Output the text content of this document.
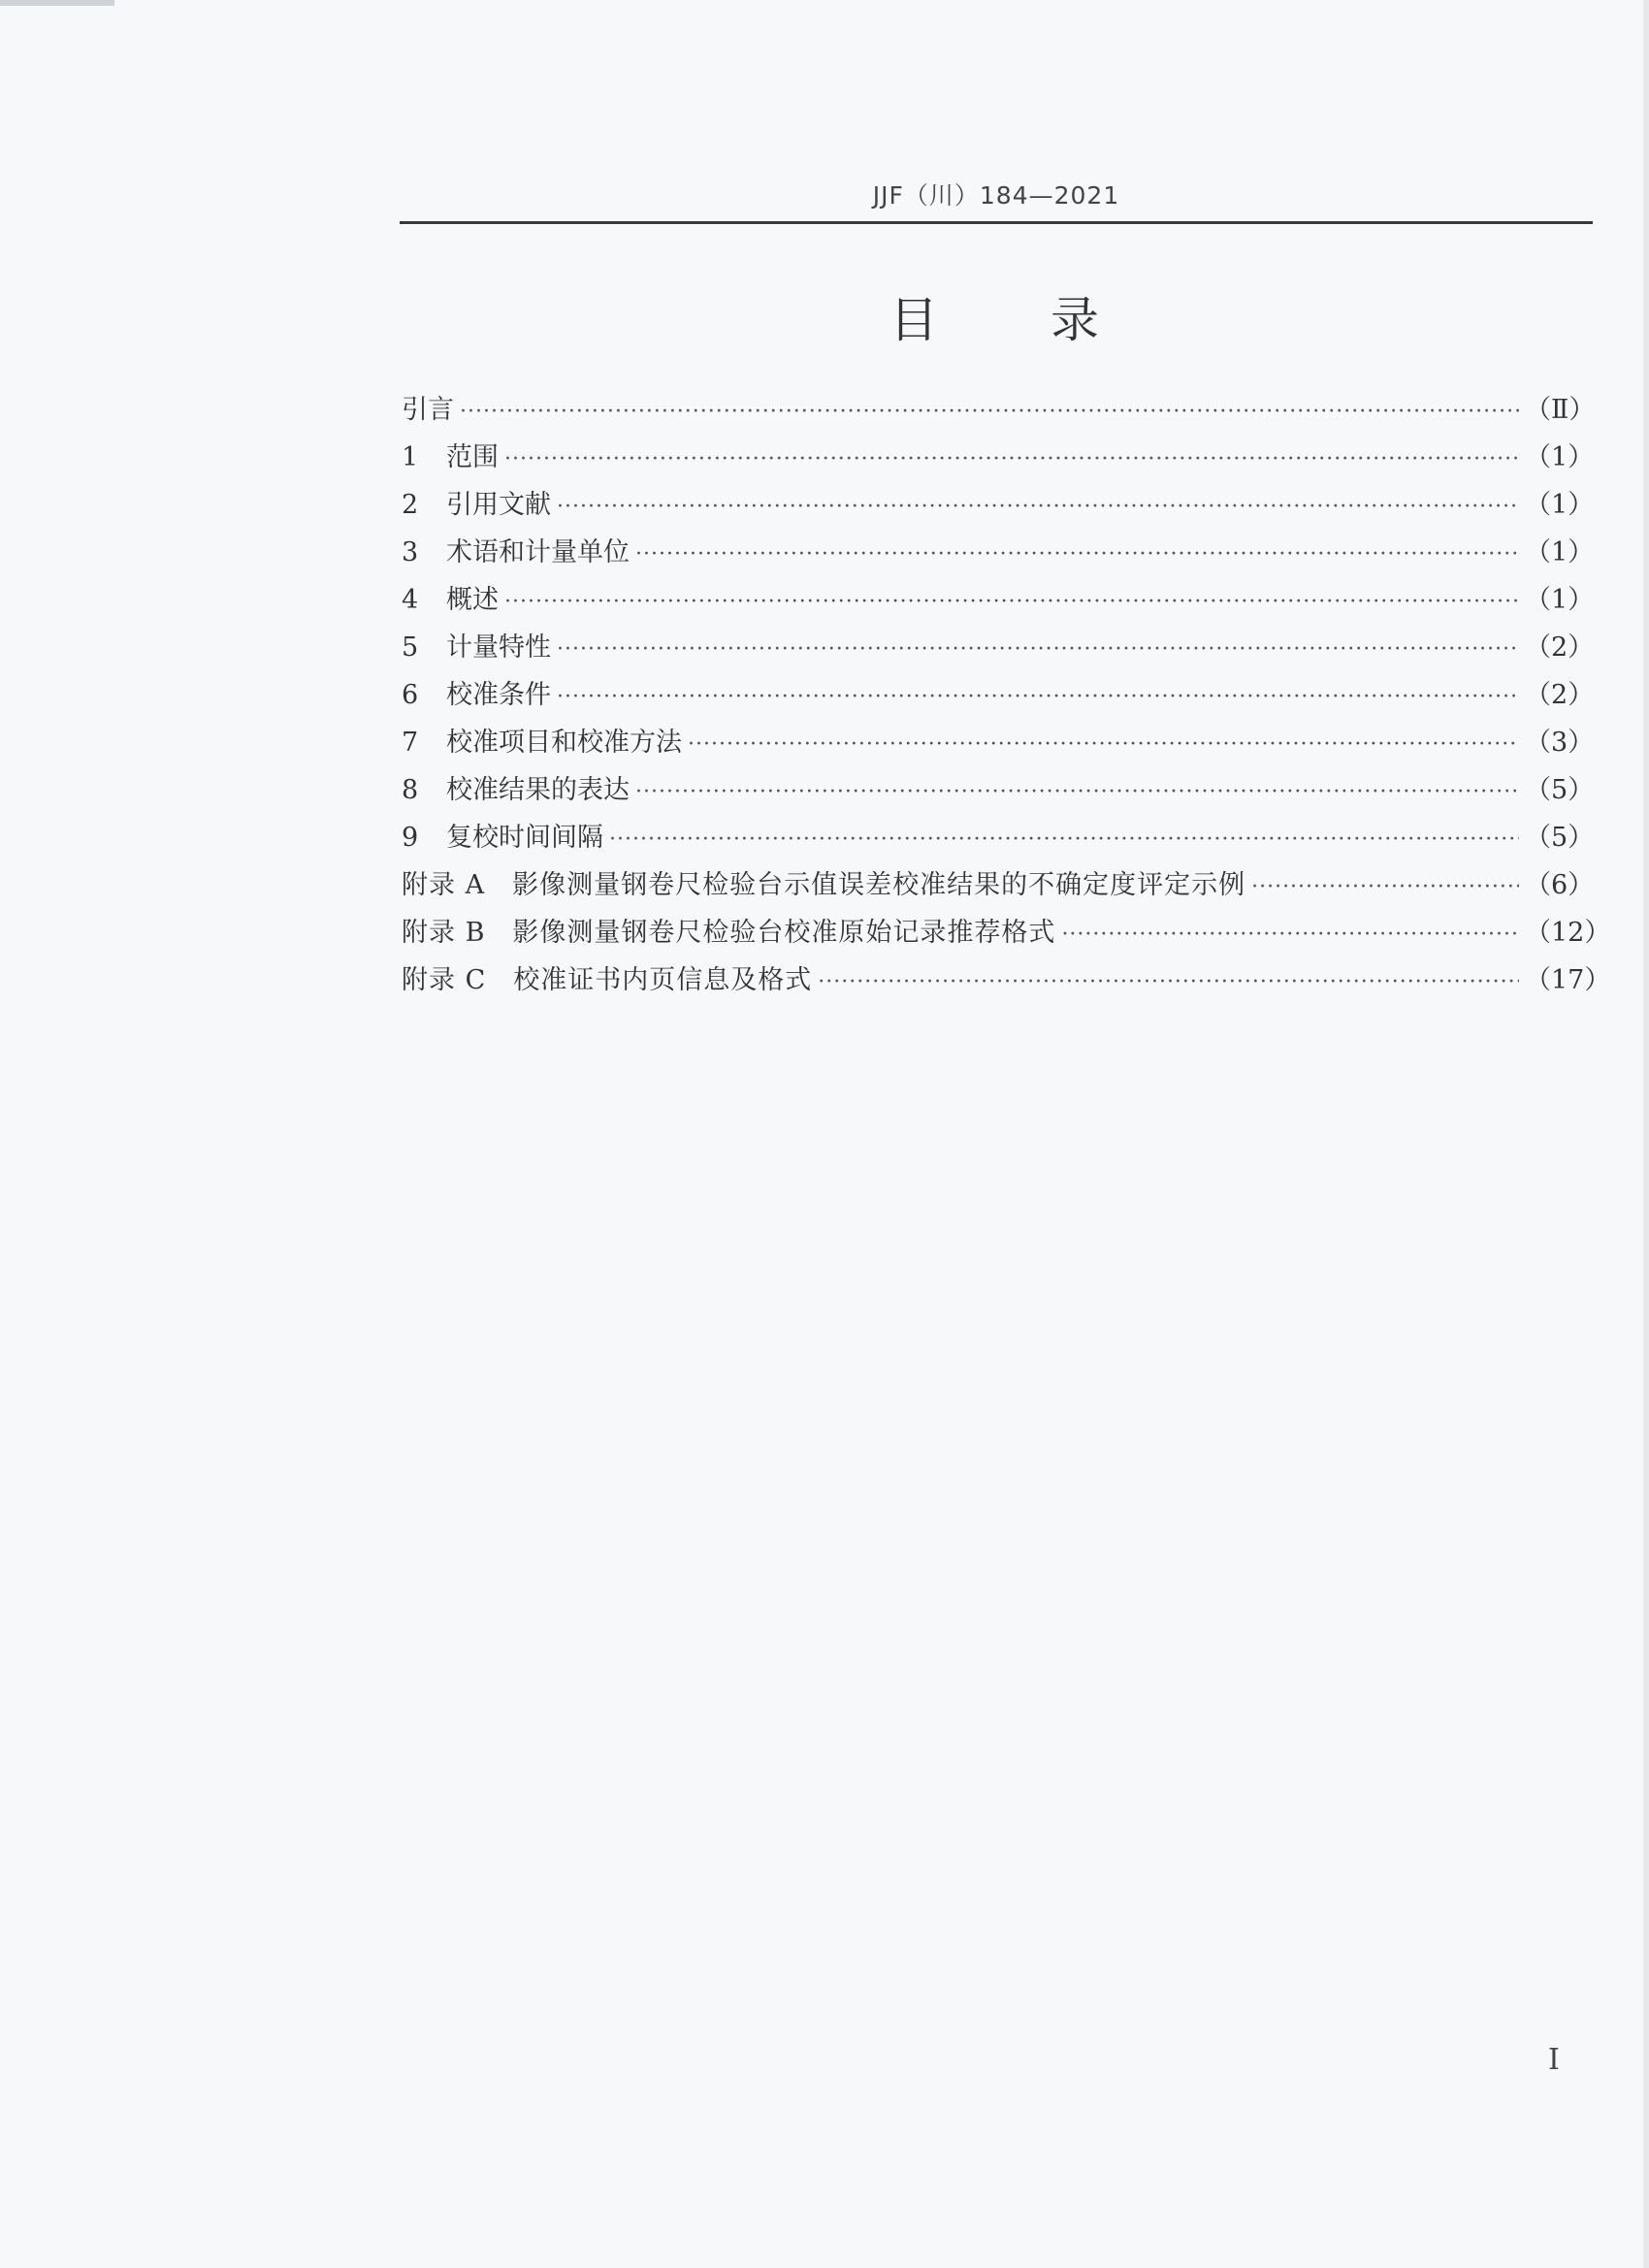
JJF（川）184—2021
目 录
引言 ·····	（Ⅱ）
1	范围 ·····	（1）
2	引用文献 ·····	（1）
3	术语和计量单位 ·····	（1）
4	概述 ·····	（1）
5	计量特性 ·····	（2）
6	校准条件 ·····	（2）
7	校准项目和校准方法 ·····	（3）
8	校准结果的表达 ·····	（5）
9	复校时间间隔 ·····	（5）
附录 A　影像测量钢卷尺检验台示值误差校准结果的不确定度评定示例 ·····	（6）
附录 B　影像测量钢卷尺检验台校准原始记录推荐格式 ·····	（12）
附录 C　校准证书内页信息及格式 ·····	（17）
Ⅰ
